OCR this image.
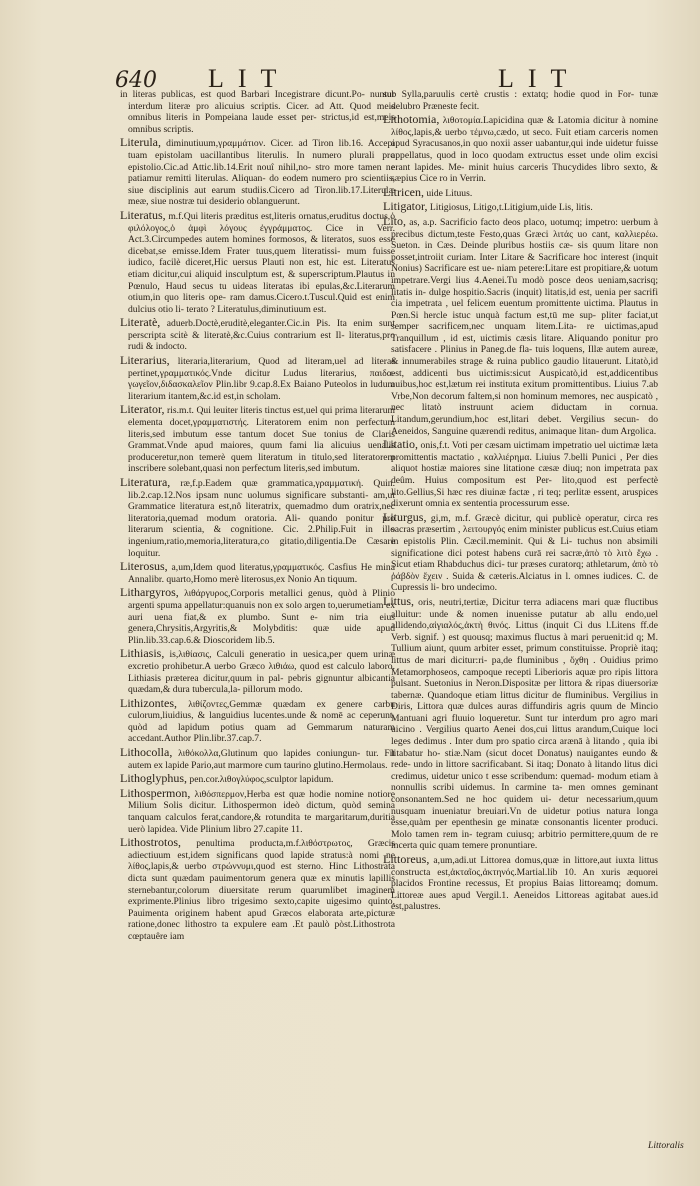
640 LIT	LIT

in literas publicas, est quod Barbari Incegistrare dicunt.Po- nuntur interdum literæ pro alicuius scriptis. Cicer. ad Att. Quod meis omnibus literis in Pompeiana laude esset per- strictus,id est,meis omnibus scriptis.

Literula, diminutiuum,γραμμάτιον. Cicer. ad Tiron lib.16. Accepi tuam epistolam uacillantibus literulis. In numero plurali pro epistolio.Cic.ad Attic.lib.14.Erit nouî nihil,no- stro more tamen ne patiamur remitti literulas. Aliquan- do eodem numero pro scientiis, siue disciplinis aut earum studiis.Cicero ad Tiron.lib.17.Literulæ meæ, siue nostræ tui desiderio oblanguerunt.

Literatus, m.f.Qui literis præditus est,literis ornatus,eruditus doctus,ὁ φιλόλογος,ὁ ἀμφὶ λόγους ἐγγράμματος. Cice in Verr. Act.3.Circumpedes autem homines formosos, & literatos, suos esse dicebat,se emisse.Idem Frater tuus,quem literatissi- mum fuisse iudico, facilè diceret,Hic uersus Plauti non est, hic est. Literatus etiam dicitur,cui aliquid insculptum est, & superscriptum.Plautus in Pœnulo, Haud secus tu uideas literatas ibi epulas,&c.Literarum otium,in quo literis ope- ram damus.Cicero.t.Tuscul.Quid est enim dulcius otio li- terato ? Literatulus,diminutiuum est.

Literatè, aduerb.Doctè,eruditè,eleganter.Cic.in Pis. Ita enim sunt perscripta scitè & literatè,&c.Cuius contrarium est Il- literatus,pro rudi & indocto.

Literarius, literaria,literarium, Quod ad literam,uel ad literas pertinet,γραμματικός.Vnde dicitur Ludus literarius, παιδα- γωγεῖον,διδασκαλεῖον Plin.libr 9.cap.8.Ex Baiano Puteolos in ludum literarium itantem,&c.id est,in scholam.

Literator, ris.m.t. Qui leuiter literis tinctus est,uel qui prima literarum elementa docet,γραμματιστής. Literatorem enim non perfectum literis,sed imbutum esse tantum docet Sue tonius de Claris Grammat.Vnde apud maiores, quum fami lia alicuius uenalis produceretur,non temerè quem literatum in titulo,sed literatorem inscribere solebant,quasi non perfectum literis,sed imbutum.

Literatura, ræ,f.p.Eadem quæ grammatica,γραμματική. Quin. lib.2.cap.12.Nos ipsam nunc uolumus significare substanti- am,ut Grammatice literatura est,nô literatrix, quemadmo dum oratrix,nec literatoria,quemad modum oratoria. Ali- quando ponitur pro literarum scientia, & cognitione. Cic. 2.Philip.Fuit in illo ingenium,ratio,memoria,literatura,co gitatio,diligentia.De Cæsare loquitur.

Literosus, a,um,Idem quod literatus,γραμματικός. Casfius He mina Annalibr. quarto,Homo merè literosus,ex Nonio An tiquum.

Lithargyros, λιθάργυρος,Corporis metallici genus, quòd à Plinio argenti spuma appellatur:quanuis non ex solo argen to,uerumetiam ex auri uena fiat,& ex plumbo. Sunt e- nim tria eius genera,Chrysitis,Argyritis,& Molybditis: quæ uide apud Plin.lib.33.cap.6.& Dioscoridem lib.5.

Lithiasis, is,λιθίασις, Calculi generatio in uesica,per quem urinæ excretio prohibetur.A uerbo Græco λιθιάω, quod est calculo laboro. Lithiasis præterea dicitur,quum in pal- pebris gignuntur albicantia quædam,& dura tubercula,la- pillorum modo.

Lithizontes, λιθίζοντες,Gemmæ quædam ex genere carbu culorum,liuidius, & languidius lucentes.unde & nomē ac ceperunt, quòd ad lapidum potius quam ad Gemmarum naturam accedant.Author Plin.libr.37.cap.7.

Lithocolla, λιθόκολλα,Glutinum quo lapides coniungun- tur. Fit autem ex lapide Pario,aut marmore cum taurino glutino.Hermolaus.

Lithoglyphus, pen.cor.λιθογλύφος,sculptor lapidum.

Lithospermon, λιθόσπερμον,Herba est quæ hodie nomine notiore Milium Solis dicitur. Lithospermon ideò dictum, quòd semina tanquam calculos ferat,candore,& rotundita te margaritarum,duritia uerò lapidea. Vide Plinium libro 27.capite 11.

Lithostrotos, penultima producta,m.f.λιθόστρωτος, Græcis adiectiuum est,idem significans quod lapide stratus:à nomi ne λίθος,lapis,& uerbo στρώννυμι,quod est sterno. Hinc Lithostrata dicta sunt quædam pauimentorum genera quæ ex minutis lapillis sternebantur,colorum diuersitate rerum quarumlibet imaginem exprimente.Plinius libro trigesimo sexto,capite uigesimo quinto, Pauimenta originem habent apud Græcos elaborata arte,picturæ ratione,donec lithostro ta expulere eam .Et paulò pòst.Lithostrota cœptauêre iam

sub Sylla,paruulis certè crustis : extatq; hodie quod in For- tunæ delubro Præneste fecit.

Lithotomia, λιθοτομία.Lapicidina quæ & Latomia dicitur à nomine λίθος,lapis,& uerbo τέμνω,cædo, ut seco. Fuit etiam carceris nomen apud Syracusanos,in quo noxii asser uabantur,qui inde uidetur fuisse appellatus, quod in loco quodam extructus esset unde olim excisi erant lapides. Me- minit huius carceris Thucydides libro sexto, & sæpius Cice ro in Verrin.

Litricen, uide Lituus.

Litigator, Litigiosus, Litigo,t.Litigium,uide Lis, litis.

Lito, as, a.p. Sacrificio facto deos placo, uotumq; impetro: uerbum à precibus dictum,teste Festo,quas Græci λιτάς uo cant, καλλιερέω. Sueton. in Cæs. Deinde pluribus hostiis cæ- sis quum litare non posset,introiit curiam. Inter Litare & Sacrificare hoc interest (inquit Nonius) Sacrificare est ue- niam petere:Litare est propitiare,& uotum impetrare.Vergi lius 4.Aenei.Tu modò posce deos ueniam,sacrisq; litatis in- dulge hospitio.Sacris (inquit) litatis,id est, uenia per sacrifi cia impetrata , uel felicem euentum promittente uictima. Plautus in Pœn.Si hercle istuc unquà factum est,tū me sup- pliter faciat,ut semper sacrificem,nec unquam litem.Lita- re uictimas,apud Tranquillum , id est, uictimis cæsis litare. Aliquando ponitur pro satisfacere . Plinius in Paneg.de fla- tuis loquens, Illæ autem aureæ, & innumerabiles strage & ruina publico gaudio litauerunt. Litatò,id est, addicenti bus uictimis:sicut Auspicatò,id est,addicentibus auibus,hoc est,lætum rei instituta exitum promittentibus. Liuius 7.ab Vrbe,Non decorum faltem,si non hominum memores, nec auspicatò , nec litatò instruunt aciem diductam in cornua. Litandum,gerundium,hoc est,litari debet. Vergilius secun- do Aeneidos, Sanguine quærendi reditus, animaque litan- dum Argolica.

Litatio, onis,f.t. Voti per cæsam uictimam impetratio uel uictimæ læta promittentis mactatio , καλλιέρημα. Liuius 7.belli Punici , Per dies aliquot hostiæ maiores sine litatione cæsæ diuq; non impetrata pax deûm. Huius compositum est Per- lito,quod est perfectè lito.Gellius,Si hæc res diuinæ factæ , ri teq; perlitæ essent, aruspices dixerunt omnia ex sententia processurum esse.

Liturgus, gi,m, m.f. Græcè dicitur, qui publicè operatur, circa res sacras præsertim , λειτουργός enim minister publicus est.Cuius etiam in epistolis Plin. Cæcil.meminit. Qui & Li- tuchus non absimili significatione dici potest habens curā rei sacræ,ἀπὸ τὸ λιτὸ ἔχω . Sicut etiam Rhabduchus dici- tur præses curatorq; athletarum, ἀπὸ τὸ ῥάβδὸν ἔχειν . Suida & cæteris.Alciatus in l. omnes iudices. C. de Cupressis li- bro undecimo.

Littus, oris, neutri,tertiæ, Dicitur terra adiacens mari quæ fluctibus alluitur: unde & nomen inuenisse putatur ab allu endo,uel allidendo,αἰγιαλός,ἀκτὴ θινός. Littus (inquit Ci dus l.Litens ff.de Verb. signif. ) est quousq; maximus fluctus à mari peruenit:id q; M. Tullium aiunt, quum arbiter esset, primum constituisse. Propriè itaq; littus de mari dicitur:ri- pa,de fluminibus , ὄχθη . Ouidius primo Metamorphoseos, campoque recepti Liberioris aquæ pro ripis littora pulsant. Suetonius in Neron.Dispositæ per littora & ripas diuersoriæ tabernæ. Quandoque etiam littus dicitur de fluminibus. Vergilius in Diris, Littora quæ dulces auras diffundiris agris quum de Mincio Mantuani agri fluuio loqueretur. Sunt tur interdum pro agro mari uicino . Vergilius quarto Aenei dos,cui littus arandum,Cuique loci leges dedimus . Inter dum pro spatio circa arænā à litando , quia ibi litabatur ho- stiæ.Nam (sicut docet Donatus) nauigantes eundo & rede- undo in littore sacrificabant. Si itaq; Donato à litando litus dici credimus, uidetur unico t esse scribendum: quemad- modum etiam à nonnullis scribi uidemus. In carmine ta- men omnes geminant consonantem.Sed ne hoc quidem ui- detur necessarium,quum nusquam inueniatur breuiari.Vn de uidetur potius natura longa esse,quàm per epenthesin ge minatæ consonantis licenter produci. Molo tamen rem in- tegram cuiusq; arbitrio permittere,quum de re incerta quic quam temere pronuntiare.

Littoreus, a,um,adi.ut Littorea domus,quæ in littore,aut iuxta littus constructa est,ἀκταῖος,ἀκτηνός.Martial.lib 10. An xuris æquorei placidos Frontine recessus, Et propius Baias littoreamq; domum. Littoreæ aues apud Vergil.1. Aeneidos Littoreas agitabat aues.id est,palustres.

Littoralis
